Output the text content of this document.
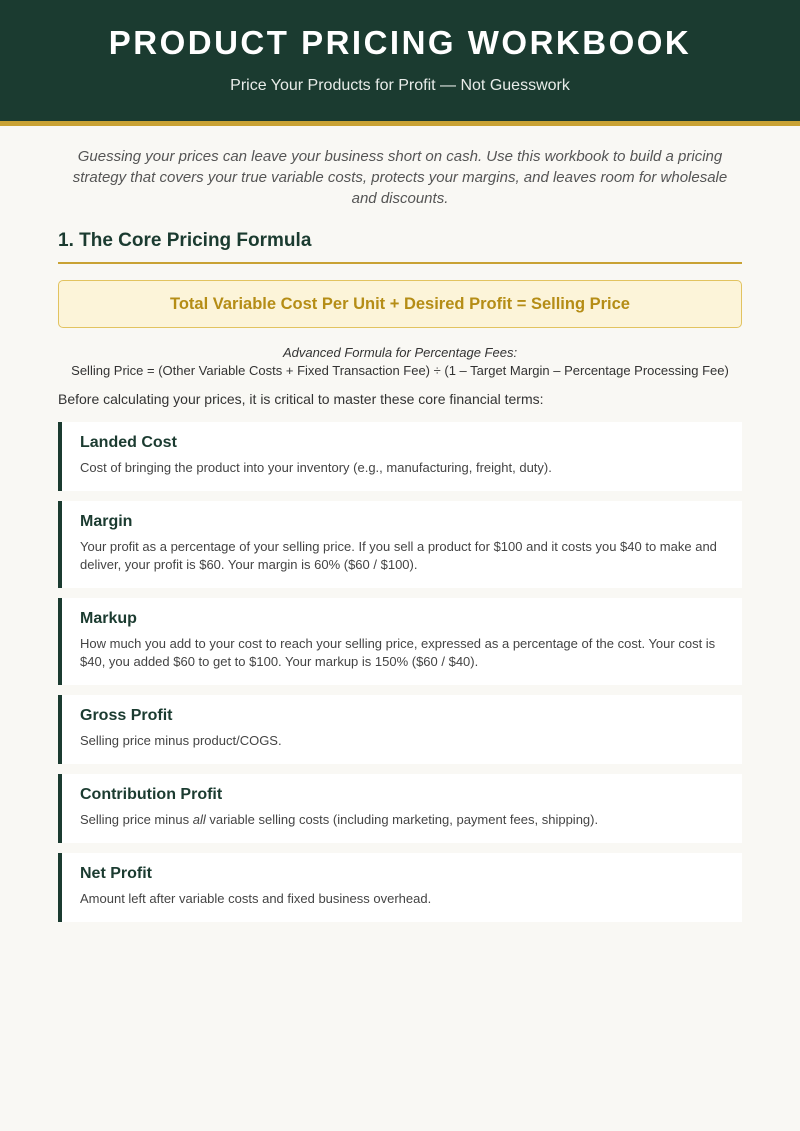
PRODUCT PRICING WORKBOOK
Price Your Products for Profit — Not Guesswork

Guessing your prices can leave your business short on cash. Use this workbook to build a pricing strategy that covers your true variable costs, protects your margins, and leaves room for wholesale and discounts.

1. The Core Pricing Formula
Total Variable Cost Per Unit + Desired Profit = Selling Price
Advanced Formula for Percentage Fees:
Selling Price = (Other Variable Costs + Fixed Transaction Fee) ÷ (1 – Target Margin – Percentage Processing Fee)

Before calculating your prices, it is critical to master these core financial terms:

Landed Cost
Cost of bringing the product into your inventory (e.g., manufacturing, freight, duty).
Margin
Your profit as a percentage of your selling price. If you sell a product for $100 and it costs you $40 to make and deliver, your profit is $60. Your margin is 60% ($60 / $100).
Markup
How much you add to your cost to reach your selling price, expressed as a percentage of the cost. Your cost is $40, you added $60 to get to $100. Your markup is 150% ($60 / $40).
Gross Profit
Selling price minus product/COGS.
Contribution Profit
Selling price minus all variable selling costs (including marketing, payment fees, shipping).
Net Profit
Amount left after variable costs and fixed business overhead.
